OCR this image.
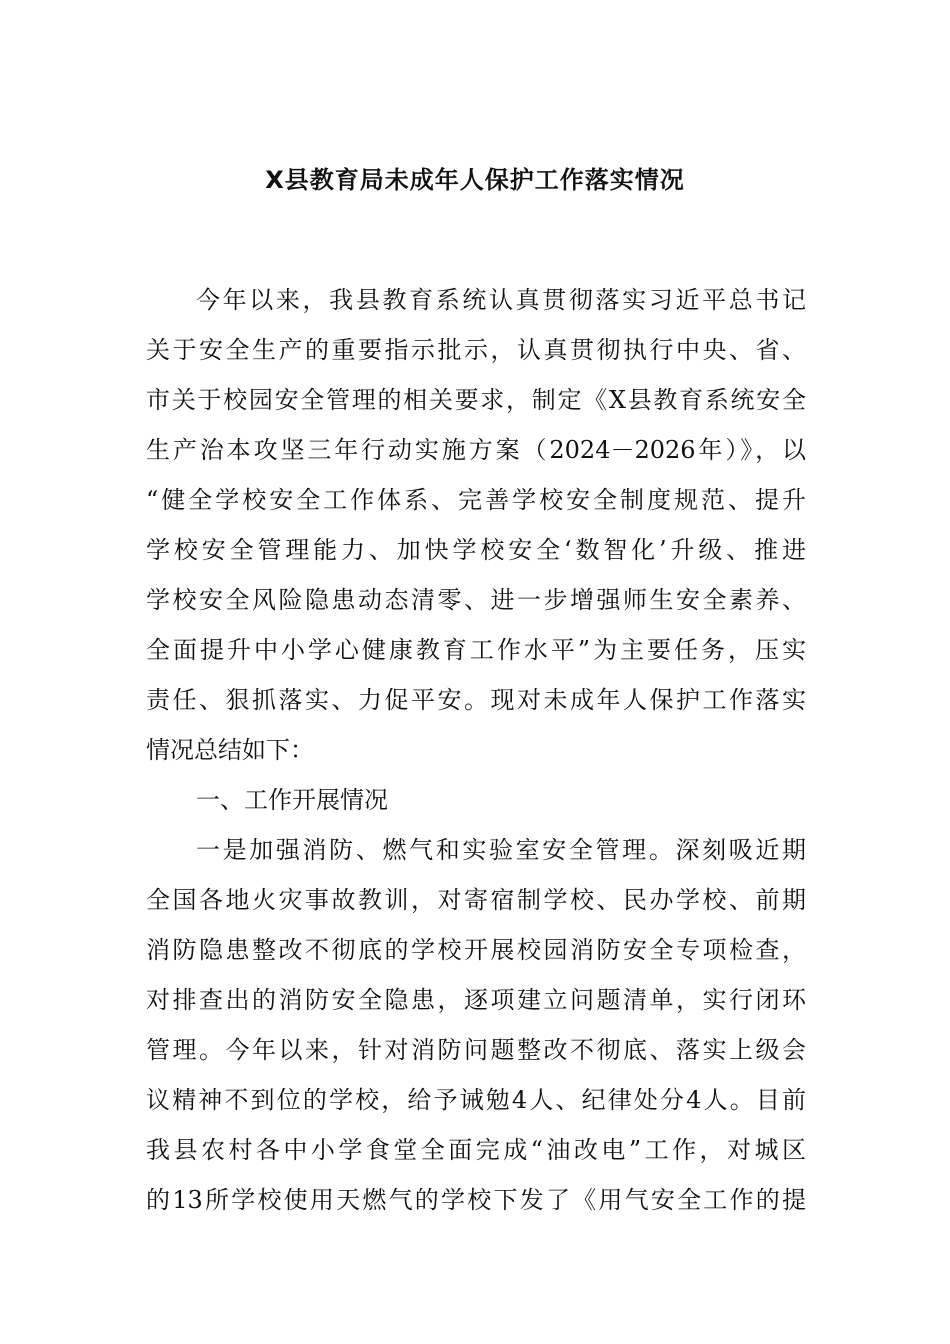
X县教育局未成年人保护工作落实情况
今年以来，我县教育系统认真贯彻落实习近平总书记
关于安全生产的重要指示批示，认真贯彻执行中央、省、
市关于校园安全管理的相关要求，制定《X县教育系统安全
生产治本攻坚三年行动实施方案（2024－2026年）》，以
“健全学校安全工作体系、完善学校安全制度规范、提升
学校安全管理能力、加快学校安全‘数智化’升级、推进
学校安全风险隐患动态清零、进一步增强师生安全素养、
全面提升中小学心健康教育工作水平”为主要任务，压实
责任、狠抓落实、力促平安。现对未成年人保护工作落实
情况总结如下：
一、工作开展情况
一是加强消防、燃气和实验室安全管理。深刻吸近期
全国各地火灾事故教训，对寄宿制学校、民办学校、前期
消防隐患整改不彻底的学校开展校园消防安全专项检查，
对排查出的消防安全隐患，逐项建立问题清单，实行闭环
管理。今年以来，针对消防问题整改不彻底、落实上级会
议精神不到位的学校，给予诫勉4人、纪律处分4人。目前
我县农村各中小学食堂全面完成“油改电”工作，对城区
的13所学校使用天燃气的学校下发了《用气安全工作的提
